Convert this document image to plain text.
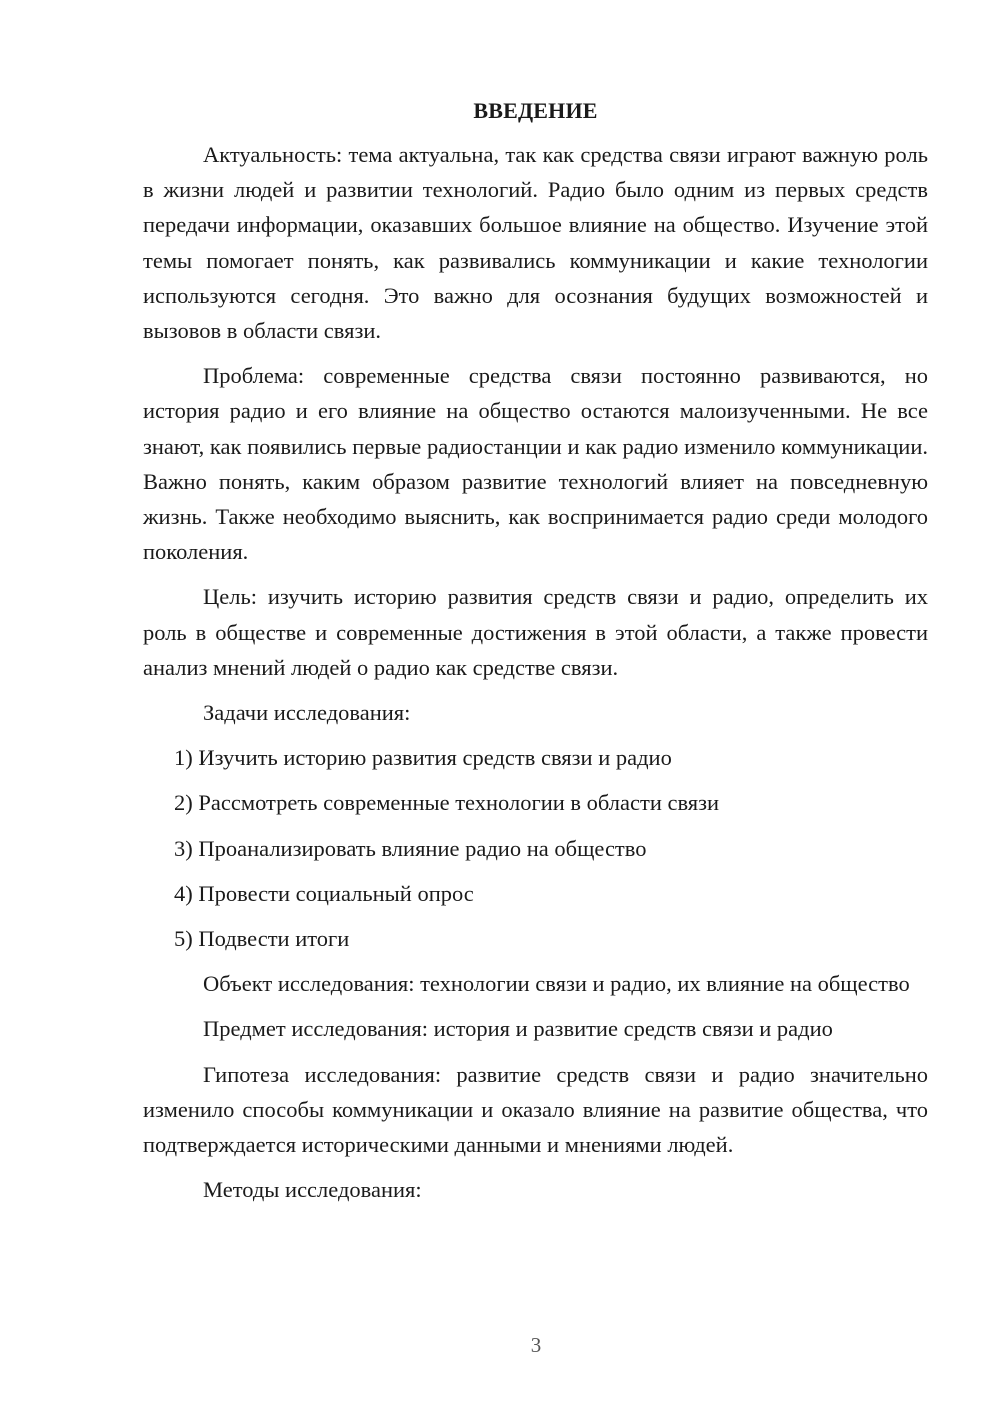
ВВЕДЕНИЕ

Актуальность: тема актуальна, так как средства связи играют важную роль в жизни людей и развитии технологий. Радио было одним из первых средств передачи информации, оказавших большое влияние на общество. Изучение этой темы помогает понять, как развивались коммуникации и какие технологии используются сегодня. Это важно для осознания будущих возможностей и вызовов в области связи.

Проблема: современные средства связи постоянно развиваются, но история радио и его влияние на общество остаются малоизученными. Не все знают, как появились первые радиостанции и как радио изменило коммуникации. Важно понять, каким образом развитие технологий влияет на повседневную жизнь. Также необходимо выяснить, как воспринимается радио среди молодого поколения.

Цель: изучить историю развития средств связи и радио, определить их роль в обществе и современные достижения в этой области, а также провести анализ мнений людей о радио как средстве связи.

Задачи исследования:

1) Изучить историю развития средств связи и радио
2) Рассмотреть современные технологии в области связи
3) Проанализировать влияние радио на общество
4) Провести социальный опрос
5) Подвести итоги

Объект исследования: технологии связи и радио, их влияние на общество

Предмет исследования: история и развитие средств связи и радио

Гипотеза исследования: развитие средств связи и радио значительно изменило способы коммуникации и оказало влияние на развитие общества, что подтверждается историческими данными и мнениями людей.

Методы исследования:

3
